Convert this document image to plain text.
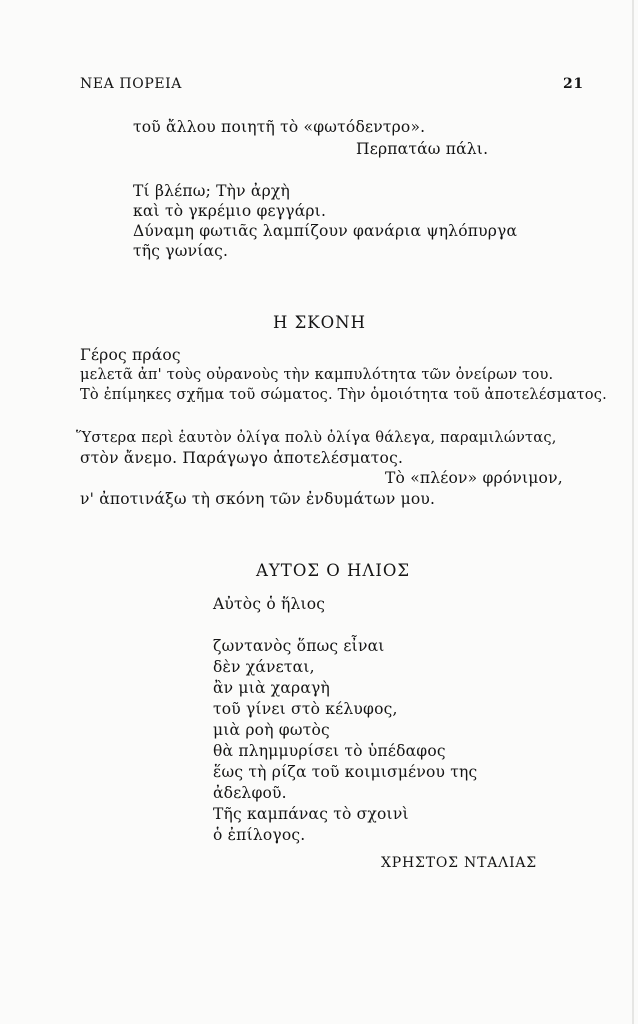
ΝΕΑ ΠΟΡΕΙΑ	21
τοῦ ἄλλου ποιητῆ τὸ «φωτόδεντρο».
Περπατάω πάλι.
Τί βλέπω; Τὴν ἀρχὴ
καὶ τὸ γκρέμιο φεγγάρι.
Δύναμη φωτιᾶς λαμπίζουν φανάρια ψηλόπυργα
τῆς γωνίας.
Η ΣΚΟΝΗ
Γέρος πράος
μελετᾶ ἀπ' τοὺς οὐρανοὺς τὴν καμπυλότητα τῶν ὀνείρων του.
Τὸ ἐπίμηκες σχῆμα τοῦ σώματος. Τὴν ὁμοιότητα τοῦ ἀποτελέσματος.
Ὕστερα περὶ ἑαυτὸν ὀλίγα πολὺ ὀλίγα θάλεγα, παραμιλώντας,
στὸν ἄνεμο. Παράγωγο ἀποτελέσματος.
Τὸ «πλέον» φρόνιμον,
ν' ἀποτινάξω τὴ σκόνη τῶν ἐνδυμάτων μου.
ΑΥΤΟΣ Ο ΗΛΙΟΣ
Αὐτὸς ὁ ἥλιος
ζωντανὸς ὅπως εἶναι
δὲν χάνεται,
ἂν μιὰ χαραγὴ
τοῦ γίνει στὸ κέλυφος,
μιὰ ροὴ φωτὸς
θὰ πλημμυρίσει τὸ ὑπέδαφος
ἕως τὴ ρίζα τοῦ κοιμισμένου της
ἀδελφοῦ.
Τῆς καμπάνας τὸ σχοινὶ
ὁ ἐπίλογος.
ΧΡΗΣΤΟΣ ΝΤΑΛΙΑΣ
